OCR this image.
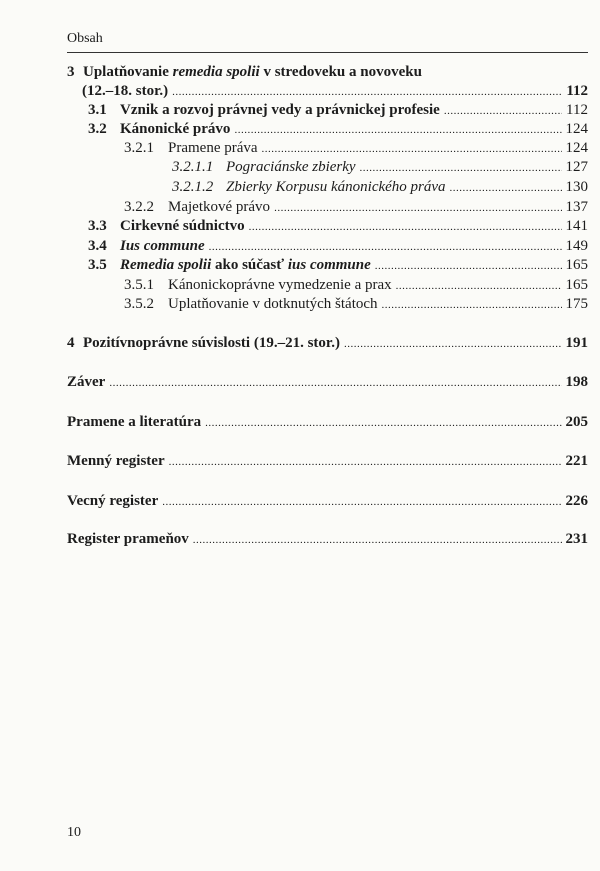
Obsah
3 Uplatňovanie remedia spolii v stredoveku a novoveku
(12.–18. stor.) .....	112
3.1 Vznik a rozvoj právnej vedy a právnickej profesie .....	112
3.2 Kánonické právo .....	124
3.2.1 Pramene práva .....	124
3.2.1.1 Pograciánske zbierky .....	127
3.2.1.2 Zbierky Korpusu kánonického práva .....	130
3.2.2 Majetkové právo .....	137
3.3 Cirkevné súdnictvo .....	141
3.4 Ius commune .....	149
3.5 Remedia spolii ako súčasť ius commune .....	165
3.5.1 Kánonickoprávne vymedzenie a prax .....	165
3.5.2 Uplatňovanie v dotknutých štátoch .....	175
4 Pozitívnoprávne súvislosti (19.–21. stor.) .....	191
Záver .....	198
Pramene a literatúra .....	205
Menný register .....	221
Vecný register .....	226
Register prameňov .....	231
10
